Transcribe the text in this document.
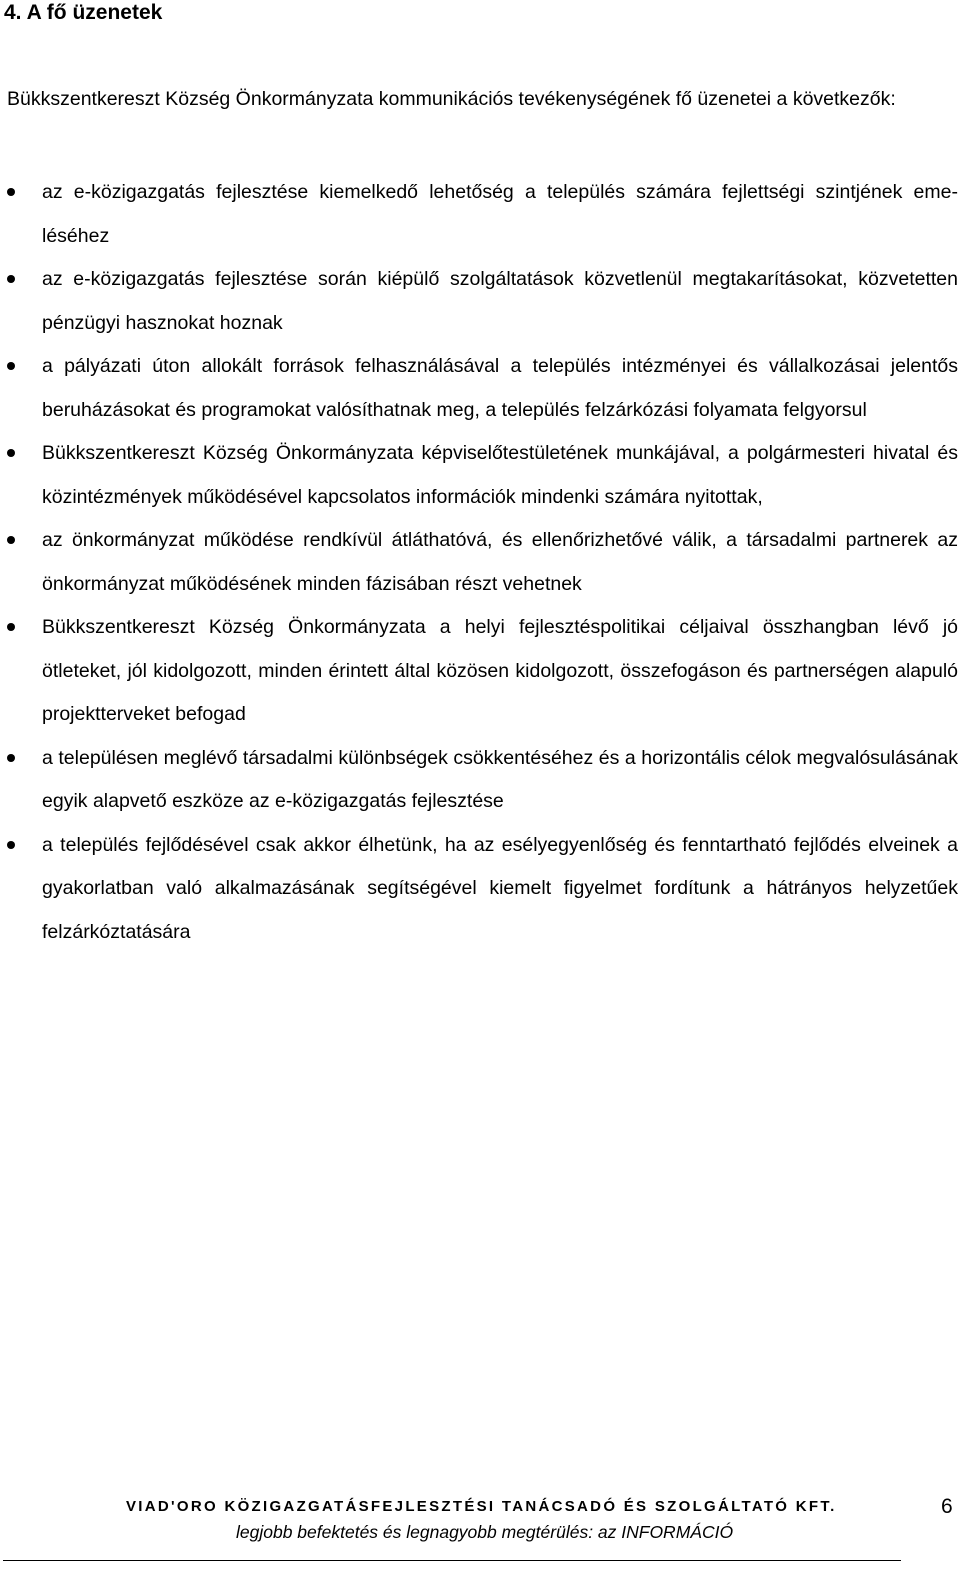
4. A fő üzenetek

Bükkszentkereszt Község Önkormányzata kommunikációs tevékenységének fő üzenetei a következők:

az e-közigazgatás fejlesztése kiemelkedő lehetőség a település számára fejlettségi szintjének emeléséhez
az e-közigazgatás fejlesztése során kiépülő szolgáltatások közvetlenül megtakarításokat, közvetetten pénzügyi hasznokat hoznak
a pályázati úton allokált források felhasználásával a település intézményei és vállalkozásai jelentős beruházásokat és programokat valósíthatnak meg, a település felzárkózási folyamata felgyorsul
Bükkszentkereszt Község Önkormányzata képviselőtestületének munkájával, a polgármesteri hivatal és közintézmények működésével kapcsolatos információk mindenki számára nyitottak,
az önkormányzat működése rendkívül átláthatóvá, és ellenőrizhetővé válik, a társadalmi partnerek az önkormányzat működésének minden fázisában részt vehetnek
Bükkszentkereszt Község Önkormányzata a helyi fejlesztéspolitikai céljaival összhangban lévő jó ötleteket, jól kidolgozott, minden érintett által közösen kidolgozott, összefogáson és partnerségen alapuló projektterveket befogad
a településen meglévő társadalmi különbségek csökkentéséhez és a horizontális célok megvalósulásának egyik alapvető eszköze az e-közigazgatás fejlesztése
a település fejlődésével csak akkor élhetünk, ha az esélyegyenlőség és fenntartható fejlődés elveinek a gyakorlatban való alkalmazásának segítségével kiemelt figyelmet fordítunk a hátrányos helyzetűek felzárkóztatására
VIAD'ORO KÖZIGAZGATÁSFEJLESZTÉSI TANÁCSADÓ ÉS SZOLGÁLTATÓ KFT.	6
legjobb befektetés és legnagyobb megtérülés: az INFORMÁCIÓ
